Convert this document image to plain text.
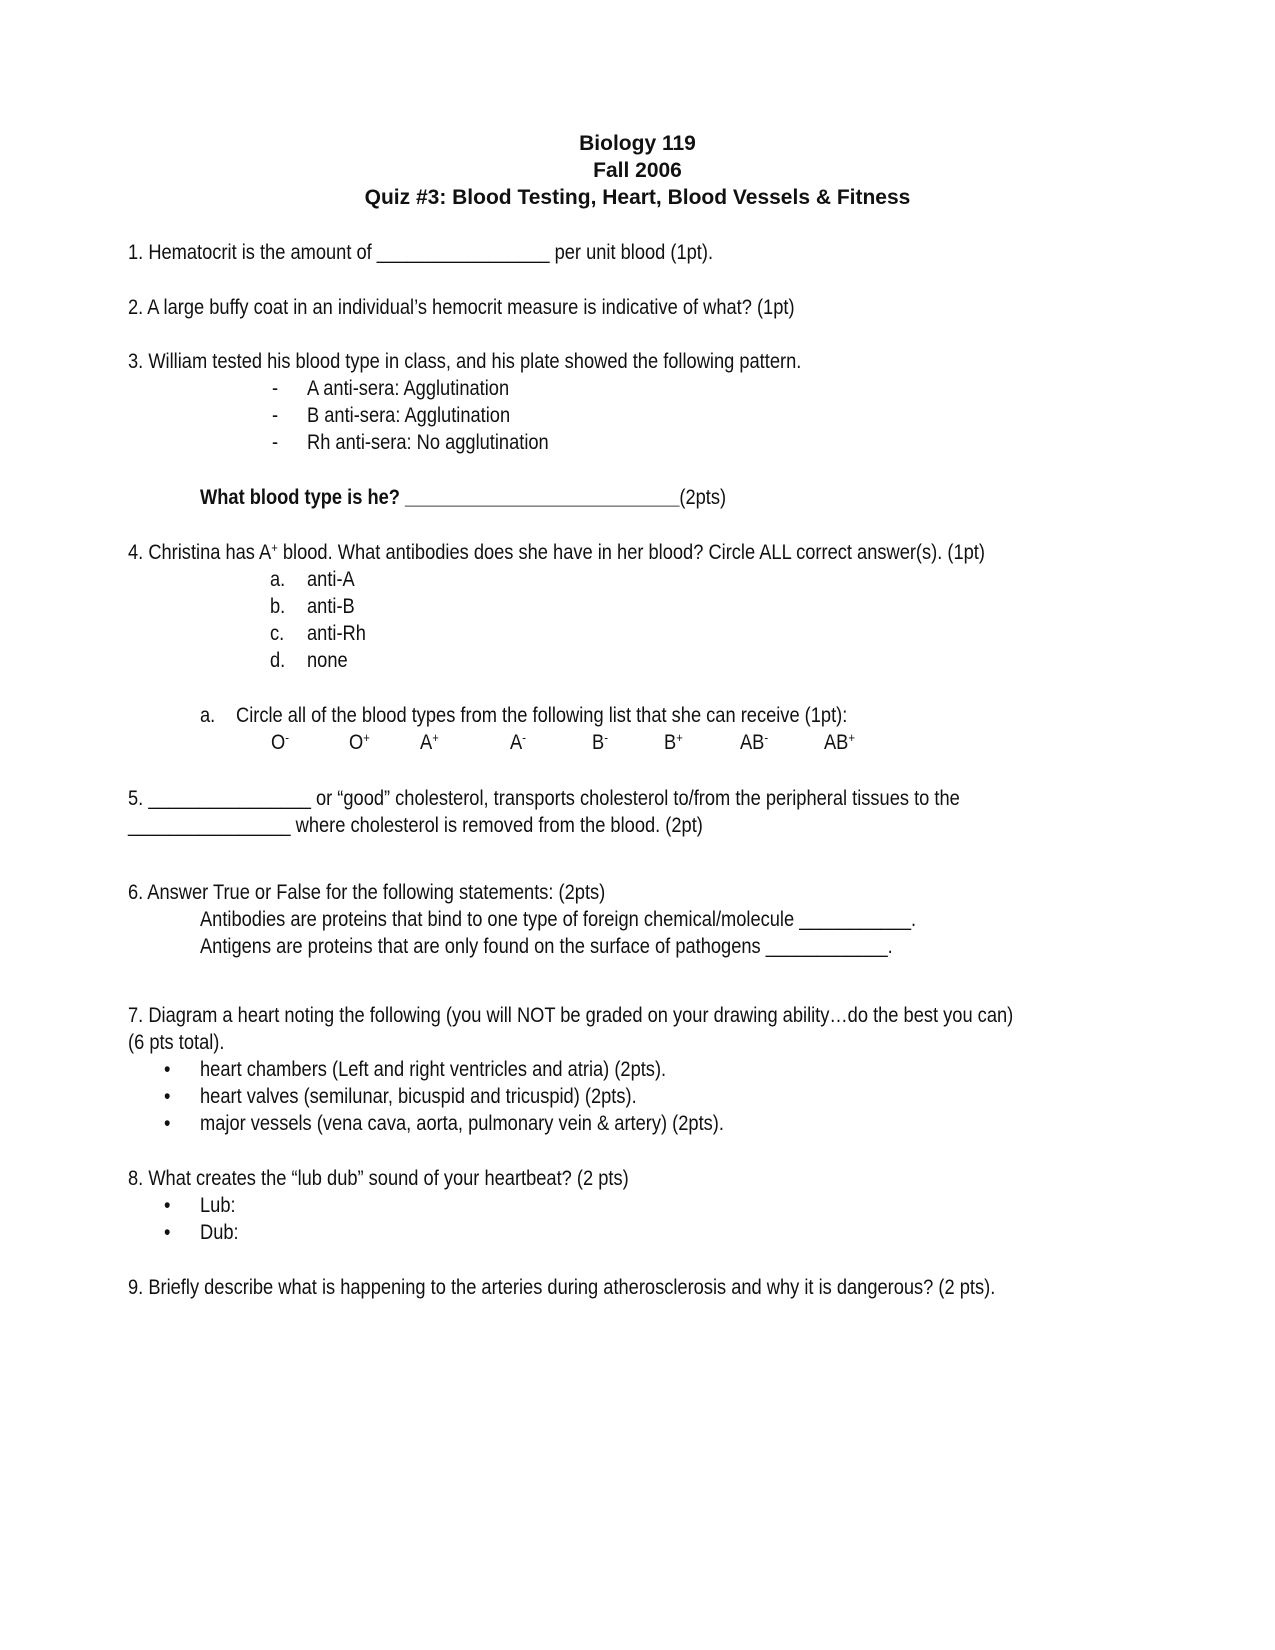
Biology 119
Fall 2006
Quiz #3: Blood Testing, Heart, Blood Vessels & Fitness
1. Hematocrit is the amount of _________________ per unit blood (1pt).
2. A large buffy coat in an individual’s hemocrit measure is indicative of what? (1pt)
3. William tested his blood type in class, and his plate showed the following pattern.
- A anti-sera: Agglutination
- B anti-sera: Agglutination
- Rh anti-sera: No agglutination
What blood type is he? ___________________________(2pts)
4. Christina has A+ blood. What antibodies does she have in her blood? Circle ALL correct answer(s). (1pt)
a. anti-A
b. anti-B
c. anti-Rh
d. none
a. Circle all of the blood types from the following list that she can receive (1pt):
O-	O+ A+	A-	B-	B+	AB-	AB+
5. ________________ or “good” cholesterol, transports cholesterol to/from the peripheral tissues to the
________________ where cholesterol is removed from the blood. (2pt)
6. Answer True or False for the following statements: (2pts)
Antibodies are proteins that bind to one type of foreign chemical/molecule ___________.
Antigens are proteins that are only found on the surface of pathogens ____________.
7. Diagram a heart noting the following (you will NOT be graded on your drawing ability…do the best you can)
(6 pts total).
• heart chambers (Left and right ventricles and atria) (2pts).
• heart valves (semilunar, bicuspid and tricuspid) (2pts).
• major vessels (vena cava, aorta, pulmonary vein & artery) (2pts).
8. What creates the “lub dub” sound of your heartbeat? (2 pts)
• Lub:
• Dub:
9. Briefly describe what is happening to the arteries during atherosclerosis and why it is dangerous? (2 pts).
